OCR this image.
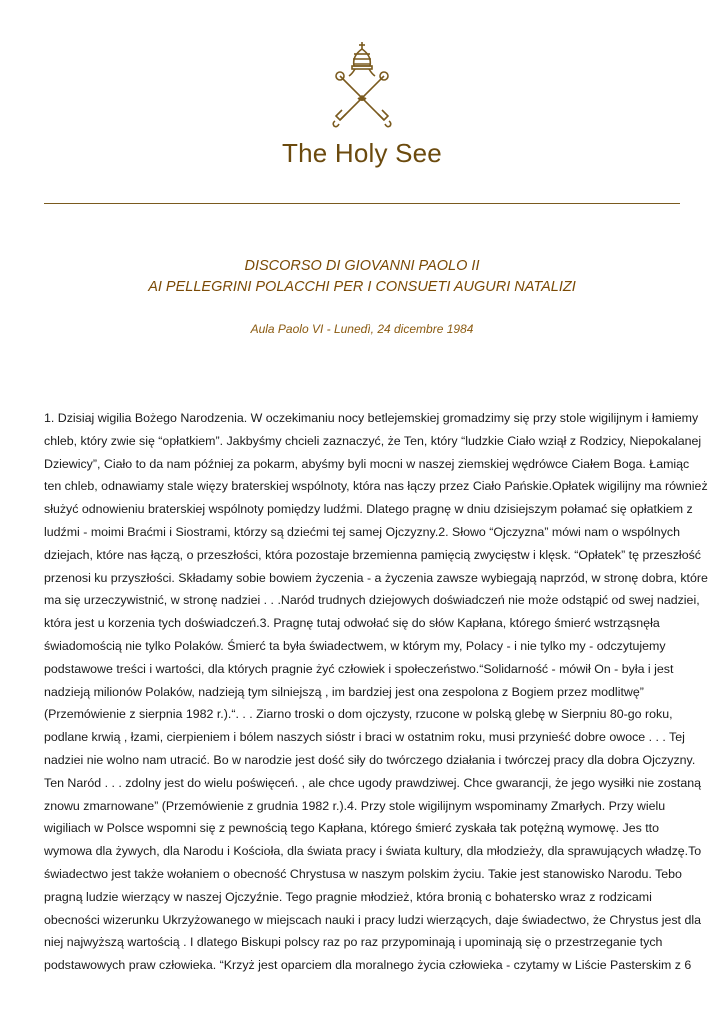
The Holy See
DISCORSO DI GIOVANNI PAOLO II
AI PELLEGRINI POLACCHI PER I CONSUETI AUGURI NATALIZI
Aula Paolo VI - Lunedì, 24 dicembre 1984
1. Dzisiaj wigilia Bożego Narodzenia. W oczekimaniu nocy betlejemskiej gromadzimy się przy stole wigilijnym i łamiemy
chleb, który zwie się “opłatkiem”. Jakbyśmy chcieli zaznaczyć, że Ten, który “ludzkie Ciało wziął z Rodzicy, Niepokalanej
Dziewicy”, Ciało to da nam później za pokarm, abyśmy byli mocni w naszej ziemskiej wędrówce Ciałem Boga. Łamiąc
ten chleb, odnawiamy stale więzy braterskiej wspólnoty, która nas łączy przez Ciało Pańskie.Opłatek wigilijny ma również
służyć odnowieniu braterskiej wspólnoty pomiędzy ludźmi. Dlatego pragnę w dniu dzisiejszym połamać się opłatkiem z
ludźmi - moimi Braćmi i Siostrami, którzy są dziećmi tej samej Ojczyzny.2. Słowo “Ojczyzna” mówi nam o wspólnych
dziejach, które nas łączą, o przeszłości, która pozostaje brzemienna pamięcią zwycięstw i klęsk. “Opłatek” tę przeszłość
przenosi ku przyszłości. Składamy sobie bowiem życzenia - a życzenia zawsze wybiegają naprzód, w stronę dobra, które
ma się urzeczywistnić, w stronę nadziei . . .Naród trudnych dziejowych doświadczeń nie może odstąpić od swej nadziei,
która jest u korzenia tych doświadczeń.3. Pragnę tutaj odwołać się do słów Kapłana, którego śmierć wstrząsnęła
świadomością nie tylko Polaków. Śmierć ta była świadectwem, w którym my, Polacy - i nie tylko my - odczytujemy
podstawowe treści i wartości, dla których pragnie żyć człowiek i społeczeństwo.“Solidarność - mówił On - była i jest
nadzieją milionów Polaków, nadzieją tym silniejszą , im bardziej jest ona zespolona z Bogiem przez modlitwę”
(Przemówienie z sierpnia 1982 r.).“. . . Ziarno troski o dom ojczysty, rzucone w polską glebę w Sierpniu 80-go roku,
podlane krwią , łzami, cierpieniem i bólem naszych sióstr i braci w ostatnim roku, musi przynieść dobre owoce . . . Tej
nadziei nie wolno nam utracić. Bo w narodzie jest dość siły do twórczego działania i twórczej pracy dla dobra Ojczyzny.
Ten Naród . . . zdolny jest do wielu poświęceń. , ale chce ugody prawdziwej. Chce gwarancji, że jego wysiłki nie zostaną
znowu zmarnowane” (Przemówienie z grudnia 1982 r.).4. Przy stole wigilijnym wspominamy Zmarłych. Przy wielu
wigiliach w Polsce wspomni się z pewnością tego Kapłana, którego śmierć zyskała tak potężną wymowę. Jes tto
wymowa dla żywych, dla Narodu i Kościoła, dla świata pracy i świata kultury, dla młodzieży, dla sprawujących władzę.To
świadectwo jest także wołaniem o obecność Chrystusa w naszym polskim życiu. Takie jest stanowisko Narodu. Tebo
pragną ludzie wierzący w naszej Ojczyźnie. Tego pragnie młodzież, która bronią c bohatersko wraz z rodzicami
obecności wizerunku Ukrzyżowanego w miejscach nauki i pracy ludzi wierzących, daje świadectwo, że Chrystus jest dla
niej najwyższą wartością . I dlatego Biskupi polscy raz po raz przypominają i upominają się o przestrzeganie tych
podstawowych praw człowieka. “Krzyż jest oparciem dla moralnego życia człowieka - czytamy w Liście Pasterskim z 6
